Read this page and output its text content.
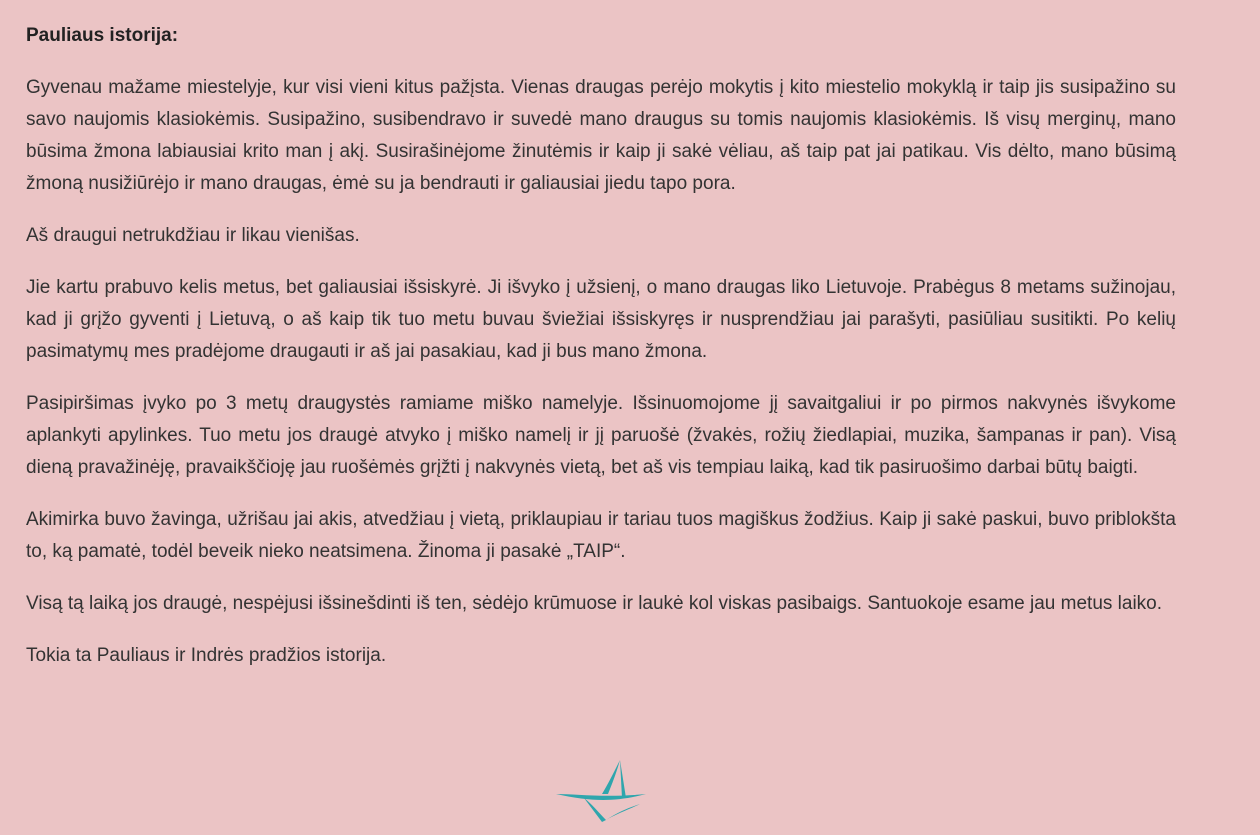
Pauliaus istorija:

Gyvenau mažame miestelyje, kur visi vieni kitus pažįsta. Vienas draugas perėjo mokytis į kito miestelio mokyklą ir taip jis susipažino su savo naujomis klasiokėmis. Susipažino, susibendravo ir suvedė mano draugus su tomis naujomis klasiokėmis. Iš visų merginų, mano būsima žmona labiausiai krito man į akį. Susirašinėjome žinutėmis ir kaip ji sakė vėliau, aš taip pat jai patikau. Vis dėlto, mano būsimą žmoną nusižiūrėjo ir mano draugas, ėmė su ja bendrauti ir galiausiai jiedu tapo pora.

Aš draugui netrukdžiau ir likau vienišas.

Jie kartu prabuvo kelis metus, bet galiausiai išsiskyrė. Ji išvyko į užsienį, o mano draugas liko Lietuvoje. Prabėgus 8 metams sužinojau, kad ji grįžo gyventi į Lietuvą, o aš kaip tik tuo metu buvau šviežiai išsiskyręs ir nusprendžiau jai parašyti, pasiūliau susitikti. Po kelių pasimatymų mes pradėjome draugauti ir aš jai pasakiau, kad ji bus mano žmona.

Pasipiršimas įvyko po 3 metų draugystės ramiame miško namelyje. Išsinuomojome jį savaitgaliui ir po pirmos nakvynės išvykome aplankyti apylinkes. Tuo metu jos draugė atvyko į miško namelį ir jį paruošė (žvakės, rožių žiedlapiai, muzika, šampanas ir pan). Visą dieną pravažinėję, pravaikščioję jau ruošėmės grįžti į nakvynės vietą, bet aš vis tempiau laiką, kad tik pasiruošimo darbai būtų baigti.

Akimirka buvo žavinga, užrišau jai akis, atvedžiau į vietą, priklaupiau ir tariau tuos magiškus žodžius. Kaip ji sakė paskui, buvo priblokšta to, ką pamatė, todėl beveik nieko neatsimena. Žinoma ji pasakė „TAIP“.

Visą tą laiką jos draugė, nespėjusi išsinešdinti iš ten, sėdėjo krūmuose ir laukė kol viskas pasibaigs. Santuokoje esame jau metus laiko.

Tokia ta Pauliaus ir Indrės pradžios istorija.
